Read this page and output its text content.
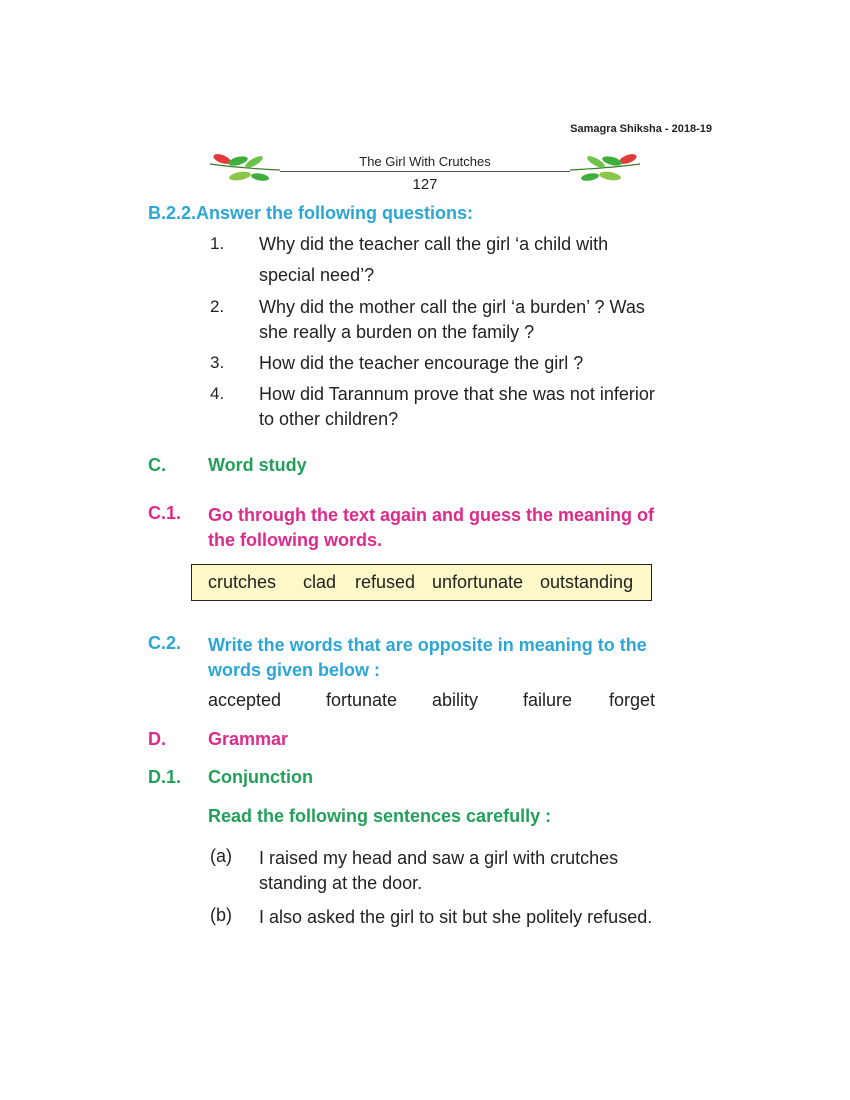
Samagra Shiksha - 2018-19
The Girl With Crutches
127
B.2.2.Answer the following questions:
1. Why did the teacher call the girl ‘a child with
special need’?
2. Why did the mother call the girl ‘a burden’ ? Was
she really a burden on the family ?
3. How did the teacher encourage the girl ?
4. How did Tarannum prove that she was not inferior
to other children?
C. Word study
C.1. Go through the text again and guess the meaning of
the following words.
crutches clad refused unfortunate outstanding
C.2. Write the words that are opposite in meaning to the
words given below :
accepted fortunate ability failure forget
D. Grammar
D.1. Conjunction
Read the following sentences carefully :
(a) I raised my head and saw a girl with crutches
standing at the door.
(b) I also asked the girl to sit but she politely refused.
